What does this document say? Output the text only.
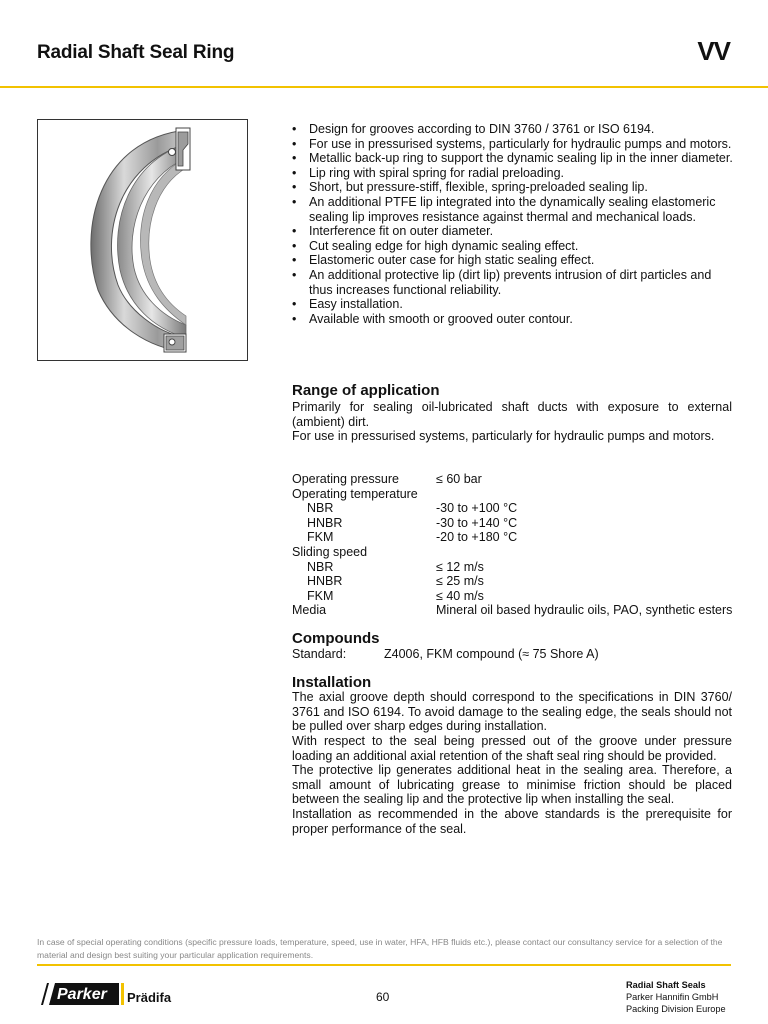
Radial Shaft Seal Ring	VV
• Design for grooves according to DIN 3760 / 3761 or ISO 6194.
• For use in pressurised systems, particularly for hydraulic pumps and motors.
• Metallic back-up ring to support the dynamic sealing lip in the inner diameter.
• Lip ring with spiral spring for radial preloading.
• Short, but pressure-stiff, flexible, spring-preloaded sealing lip.
• An additional PTFE lip integrated into the dynamically sealing elastomeric sealing lip improves resistance against thermal and mechanical loads.
• Interference fit on outer diameter.
• Cut sealing edge for high dynamic sealing effect.
• Elastomeric outer case for high static sealing effect.
• An additional protective lip (dirt lip) prevents intrusion of dirt particles and thus increases functional reliability.
• Easy installation.
• Available with smooth or grooved outer contour.
Range of application
Primarily for sealing oil-lubricated shaft ducts with exposure to external (ambient) dirt.
For use in pressurised systems, particularly for hydraulic pumps and motors.
Operating pressure	≤ 60 bar
Operating temperature	
NBR	-30 to +100 °C
HNBR	-30 to +140 °C
FKM	-20 to +180 °C
Sliding speed	
NBR	≤ 12 m/s
HNBR	≤ 25 m/s
FKM	≤ 40 m/s
Media	Mineral oil based hydraulic oils, PAO, synthetic esters
Compounds
Standard:	Z4006, FKM compound (≈ 75 Shore A)
Installation
The axial groove depth should correspond to the specifications in DIN 3760/ 3761 and ISO 6194. To avoid damage to the sealing edge, the seals should not be pulled over sharp edges during installation.
With respect to the seal being pressed out of the groove under pressure loading an additional axial retention of the shaft seal ring should be provided.
The protective lip generates additional heat in the sealing area. Therefore, a small amount of lubricating grease to minimise friction should be placed between the sealing lip and the protective lip when installing the seal.
Installation as recommended in the above standards is the prerequisite for proper performance of the seal.
In case of special operating conditions (specific pressure loads, temperature, speed, use in water, HFA, HFB fluids etc.), please contact our consultancy service for a selection of the material and design best suiting your particular application requirements.
Parker Prädifa	60
Radial Shaft Seals
Parker Hannifin GmbH
Packing Division Europe
